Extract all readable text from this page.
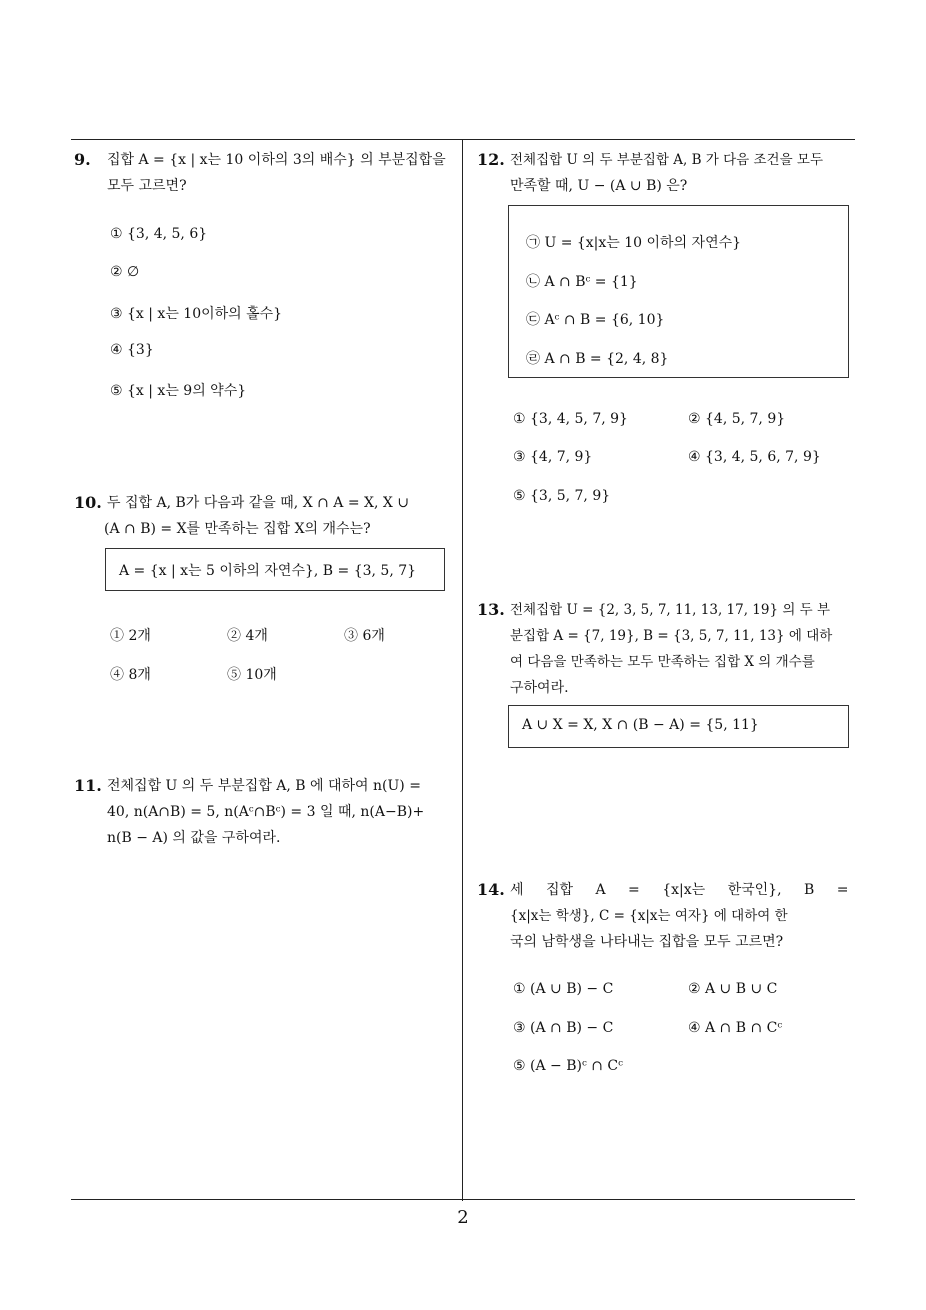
9. 집합 A = {x | x는 10 이하의 3의 배수} 의 부분집합을
모두 고르면?
① {3, 4, 5, 6}
② ∅
③ {x | x는 10이하의 홀수}
④ {3}
⑤ {x | x는 9의 약수}
10. 두 집합 A, B가 다음과 같을 때, X ∩ A = X, X ∪
(A ∩ B) = X를 만족하는 집합 X의 개수는?
A = {x | x는 5 이하의 자연수}, B = {3, 5, 7}
① 2개	② 4개	③ 6개
④ 8개	⑤ 10개
11. 전체집합 U 의 두 부분집합 A, B 에 대하여 n(U) =
40, n(A∩B) = 5, n(Aᶜ∩Bᶜ) = 3 일 때, n(A−B)+
n(B − A) 의 값을 구하여라.
12. 전체집합 U 의 두 부분집합 A, B 가 다음 조건을 모두
만족할 때, U − (A ∪ B) 은?
㉠ U = {x|x는 10 이하의 자연수}
㉡ A ∩ Bᶜ = {1}
㉢ Aᶜ ∩ B = {6, 10}
㉣ A ∩ B = {2, 4, 8}
① {3, 4, 5, 7, 9}	② {4, 5, 7, 9}
③ {4, 7, 9}	④ {3, 4, 5, 6, 7, 9}
⑤ {3, 5, 7, 9}
13. 전체집합 U = {2, 3, 5, 7, 11, 13, 17, 19} 의 두 부
분집합 A = {7, 19}, B = {3, 5, 7, 11, 13} 에 대하
여 다음을 만족하는 모두 만족하는 집합 X 의 개수를
구하여라.
A ∪ X = X, X ∩ (B − A) = {5, 11}
14. 세 집합 A = {x|x는 한국인}, B =
{x|x는 학생}, C = {x|x는 여자} 에 대하여 한
국의 남학생을 나타내는 집합을 모두 고르면?
① (A ∪ B) − C	② A ∪ B ∪ C
③ (A ∩ B) − C	④ A ∩ B ∩ Cᶜ
⑤ (A − B)ᶜ ∩ Cᶜ
2
